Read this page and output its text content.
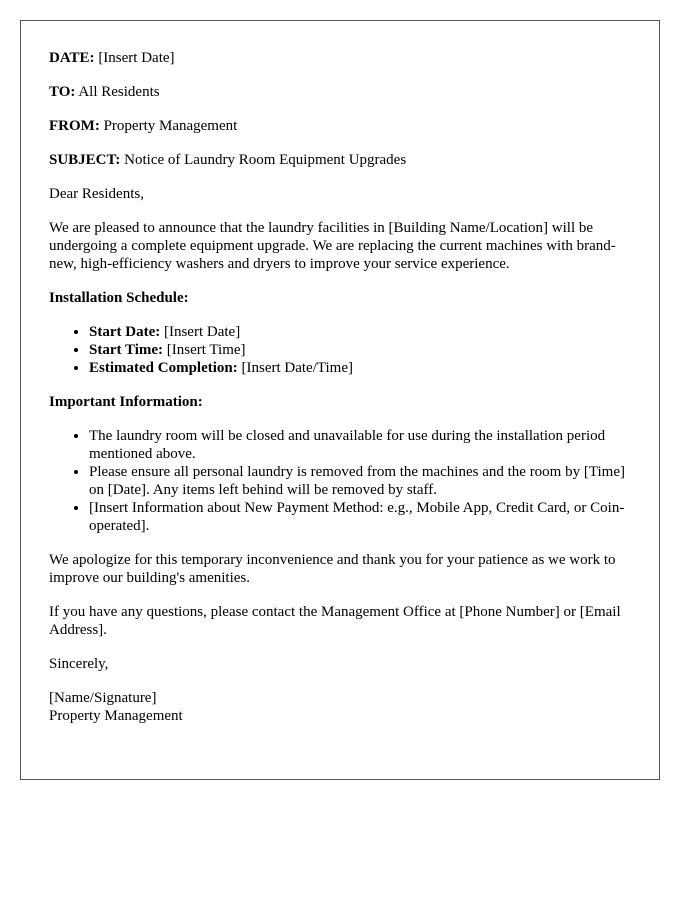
DATE: [Insert Date]

TO: All Residents

FROM: Property Management

SUBJECT: Notice of Laundry Room Equipment Upgrades

Dear Residents,

We are pleased to announce that the laundry facilities in [Building Name/Location] will be undergoing a complete equipment upgrade. We are replacing the current machines with brand-new, high-efficiency washers and dryers to improve your service experience.

Installation Schedule:

• Start Date: [Insert Date]
• Start Time: [Insert Time]
• Estimated Completion: [Insert Date/Time]

Important Information:

• The laundry room will be closed and unavailable for use during the installation period mentioned above.
• Please ensure all personal laundry is removed from the machines and the room by [Time] on [Date]. Any items left behind will be removed by staff.
• [Insert Information about New Payment Method: e.g., Mobile App, Credit Card, or Coin-operated].

We apologize for this temporary inconvenience and thank you for your patience as we work to improve our building's amenities.

If you have any questions, please contact the Management Office at [Phone Number] or [Email Address].

Sincerely,

[Name/Signature]
Property Management
